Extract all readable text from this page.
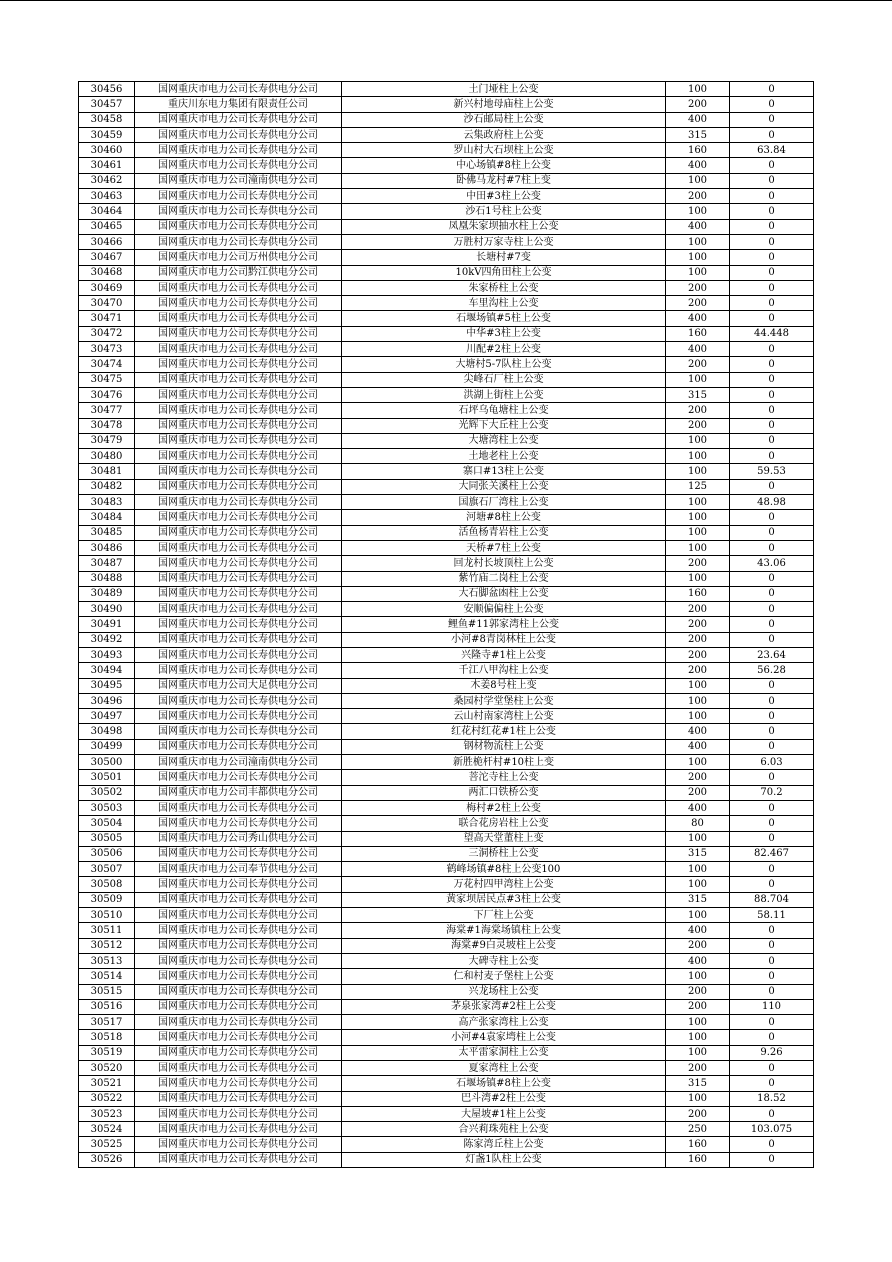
30456	国网重庆市电力公司长寿供电分公司	土门垭柱上公变	100	0
30457	重庆川东电力集团有限责任公司	新兴村地母庙柱上公变	200	0
30458	国网重庆市电力公司长寿供电分公司	沙石邮局柱上公变	400	0
30459	国网重庆市电力公司长寿供电分公司	云集政府柱上公变	315	0
30460	国网重庆市电力公司长寿供电分公司	罗山村大石坝柱上公变	160	63.84
30461	国网重庆市电力公司长寿供电分公司	中心场镇#8柱上公变	400	0
30462	国网重庆市电力公司潼南供电分公司	卧佛马龙村#7柱上变	100	0
30463	国网重庆市电力公司长寿供电分公司	中田#3柱上公变	200	0
30464	国网重庆市电力公司长寿供电分公司	沙石1号柱上公变	100	0
30465	国网重庆市电力公司长寿供电分公司	凤凰朱家坝抽水柱上公变	400	0
30466	国网重庆市电力公司长寿供电分公司	万胜村万家寺柱上公变	100	0
30467	国网重庆市电力公司万州供电分公司	长塘村#7变	100	0
30468	国网重庆市电力公司黔江供电分公司	10kV四角田柱上公变	100	0
30469	国网重庆市电力公司长寿供电分公司	朱家桥柱上公变	200	0
30470	国网重庆市电力公司长寿供电分公司	车里沟柱上公变	200	0
30471	国网重庆市电力公司长寿供电分公司	石堰场镇#5柱上公变	400	0
30472	国网重庆市电力公司长寿供电分公司	中华#3柱上公变	160	44.448
30473	国网重庆市电力公司长寿供电分公司	川配#2柱上公变	400	0
30474	国网重庆市电力公司长寿供电分公司	大塘村5-7队柱上公变	200	0
30475	国网重庆市电力公司长寿供电分公司	尖峰石厂柱上公变	100	0
30476	国网重庆市电力公司长寿供电分公司	洪湖上街柱上公变	315	0
30477	国网重庆市电力公司长寿供电分公司	石坪乌龟塘柱上公变	200	0
30478	国网重庆市电力公司长寿供电分公司	光辉下大丘柱上公变	200	0
30479	国网重庆市电力公司长寿供电分公司	大塘湾柱上公变	100	0
30480	国网重庆市电力公司长寿供电分公司	土地老柱上公变	100	0
30481	国网重庆市电力公司长寿供电分公司	寨口#13柱上公变	100	59.53
30482	国网重庆市电力公司长寿供电分公司	大同张关溪柱上公变	125	0
30483	国网重庆市电力公司长寿供电分公司	国旗石厂湾柱上公变	100	48.98
30484	国网重庆市电力公司长寿供电分公司	河塘#8柱上公变	100	0
30485	国网重庆市电力公司长寿供电分公司	活鱼杨青岩柱上公变	100	0
30486	国网重庆市电力公司长寿供电分公司	天桥#7柱上公变	100	0
30487	国网重庆市电力公司长寿供电分公司	回龙村长坡顶柱上公变	200	43.06
30488	国网重庆市电力公司长寿供电分公司	紫竹庙二岗柱上公变	100	0
30489	国网重庆市电力公司长寿供电分公司	大石脚盆凼柱上公变	160	0
30490	国网重庆市电力公司长寿供电分公司	安顺偏偏柱上公变	200	0
30491	国网重庆市电力公司长寿供电分公司	鲤鱼#11郭家湾柱上公变	200	0
30492	国网重庆市电力公司长寿供电分公司	小河#8青岗林柱上公变	200	0
30493	国网重庆市电力公司长寿供电分公司	兴隆寺#1柱上公变	200	23.64
30494	国网重庆市电力公司长寿供电分公司	千江八甲沟柱上公变	200	56.28
30495	国网重庆市电力公司大足供电分公司	木姜8号柱上变	100	0
30496	国网重庆市电力公司长寿供电分公司	桑园村学堂堡柱上公变	100	0
30497	国网重庆市电力公司长寿供电分公司	云山村南家湾柱上公变	100	0
30498	国网重庆市电力公司长寿供电分公司	红花村红花#1柱上公变	400	0
30499	国网重庆市电力公司长寿供电分公司	钢材物流柱上公变	400	0
30500	国网重庆市电力公司潼南供电分公司	新胜桅杆村#10柱上变	100	6.03
30501	国网重庆市电力公司长寿供电分公司	菩沱寺柱上公变	200	0
30502	国网重庆市电力公司丰都供电分公司	两汇口铁桥公变	200	70.2
30503	国网重庆市电力公司长寿供电分公司	梅村#2柱上公变	400	0
30504	国网重庆市电力公司长寿供电分公司	联合花房岩柱上公变	80	0
30505	国网重庆市电力公司秀山供电分公司	望高天堂董柱上变	100	0
30506	国网重庆市电力公司长寿供电分公司	三洞桥柱上公变	315	82.467
30507	国网重庆市电力公司奉节供电分公司	鹤峰场镇#8柱上公变100	100	0
30508	国网重庆市电力公司长寿供电分公司	万花村四甲湾柱上公变	100	0
30509	国网重庆市电力公司长寿供电分公司	黄家坝居民点#3柱上公变	315	88.704
30510	国网重庆市电力公司长寿供电分公司	下厂柱上公变	100	58.11
30511	国网重庆市电力公司长寿供电分公司	海棠#1海棠场镇柱上公变	400	0
30512	国网重庆市电力公司长寿供电分公司	海棠#9白灵坡柱上公变	200	0
30513	国网重庆市电力公司长寿供电分公司	大碑寺柱上公变	400	0
30514	国网重庆市电力公司长寿供电分公司	仁和村麦子堡柱上公变	100	0
30515	国网重庆市电力公司长寿供电分公司	兴龙场柱上公变	200	0
30516	国网重庆市电力公司长寿供电分公司	茅泉张家湾#2柱上公变	200	110
30517	国网重庆市电力公司长寿供电分公司	高产张家湾柱上公变	100	0
30518	国网重庆市电力公司长寿供电分公司	小河#4袁家塆柱上公变	100	0
30519	国网重庆市电力公司长寿供电分公司	太平雷家洞柱上公变	100	9.26
30520	国网重庆市电力公司长寿供电分公司	夏家湾柱上公变	200	0
30521	国网重庆市电力公司长寿供电分公司	石堰场镇#8柱上公变	315	0
30522	国网重庆市电力公司长寿供电分公司	巴斗湾#2柱上公变	100	18.52
30523	国网重庆市电力公司长寿供电分公司	大屋坡#1柱上公变	200	0
30524	国网重庆市电力公司长寿供电分公司	合兴莉珠苑柱上公变	250	103.075
30525	国网重庆市电力公司长寿供电分公司	陈家湾丘柱上公变	160	0
30526	国网重庆市电力公司长寿供电分公司	灯盏1队柱上公变	160	0
